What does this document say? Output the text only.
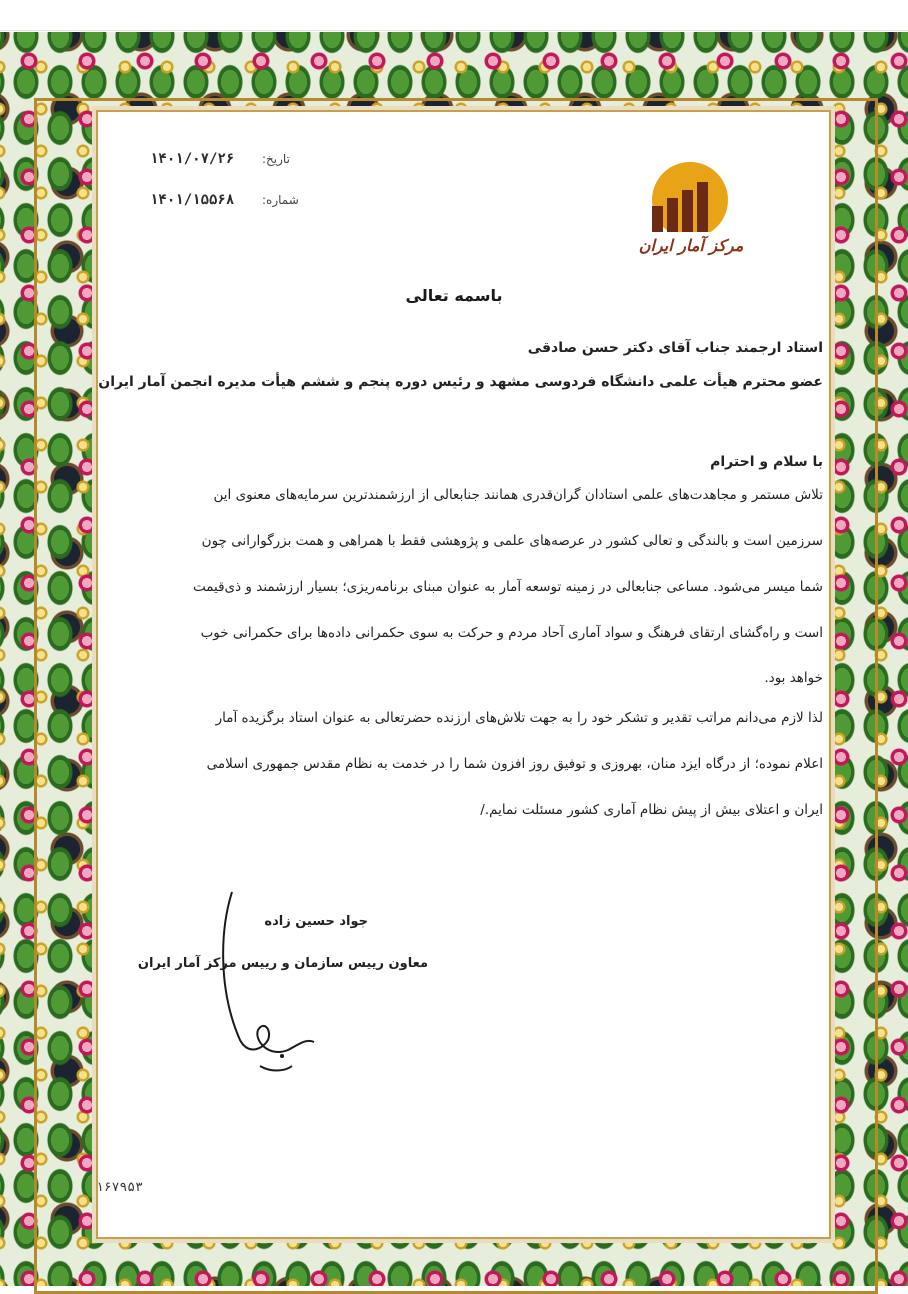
تاریخ:
۱۴۰۱/۰۷/۲۶
شماره:
۱۴۰۱/۱۵۵۶۸
مرکز آمار ایران
باسمه تعالی
استاد ارجمند جناب آقای دکتر حسن صادقی
عضو محترم هیأت علمی دانشگاه فردوسی مشهد و رئیس دوره پنجم و ششم هیأت مدیره انجمن آمار ایران
با سلام و احترام
تلاش مستمر و مجاهدت‌های علمی استادان گران‌قدری همانند جنابعالی از ارزشمندترین سرمایه‌های معنوی این
سرزمین است و بالندگی و تعالی کشور در عرصه‌های علمی و پژوهشی فقط با همراهی و همت بزرگوارانی چون
شما میسر می‌شود. مساعی جنابعالی در زمینه توسعه آمار به عنوان مبنای برنامه‌ریزی؛ بسیار ارزشمند و ذی‌قیمت
است و راه‌گشای ارتقای فرهنگ و سواد آماری آحاد مردم و حرکت به سوی حکمرانی داده‌ها برای حکمرانی خوب
خواهد بود.
لذا لازم می‌دانم مراتب تقدیر و تشکر خود را به جهت تلاش‌های ارزنده حضرتعالی به عنوان استاد برگزیده آمار
اعلام نموده؛ از درگاه ایزد منان، بهروزی و توفیق روز افزون شما را در خدمت به نظام مقدس جمهوری اسلامی
ایران و اعتلای بیش از پیش نظام آماری کشور مسئلت نمایم./
جواد حسین زاده
معاون رییس سازمان و رییس مرکز آمار ایران
۱۶۷۹۵۳
